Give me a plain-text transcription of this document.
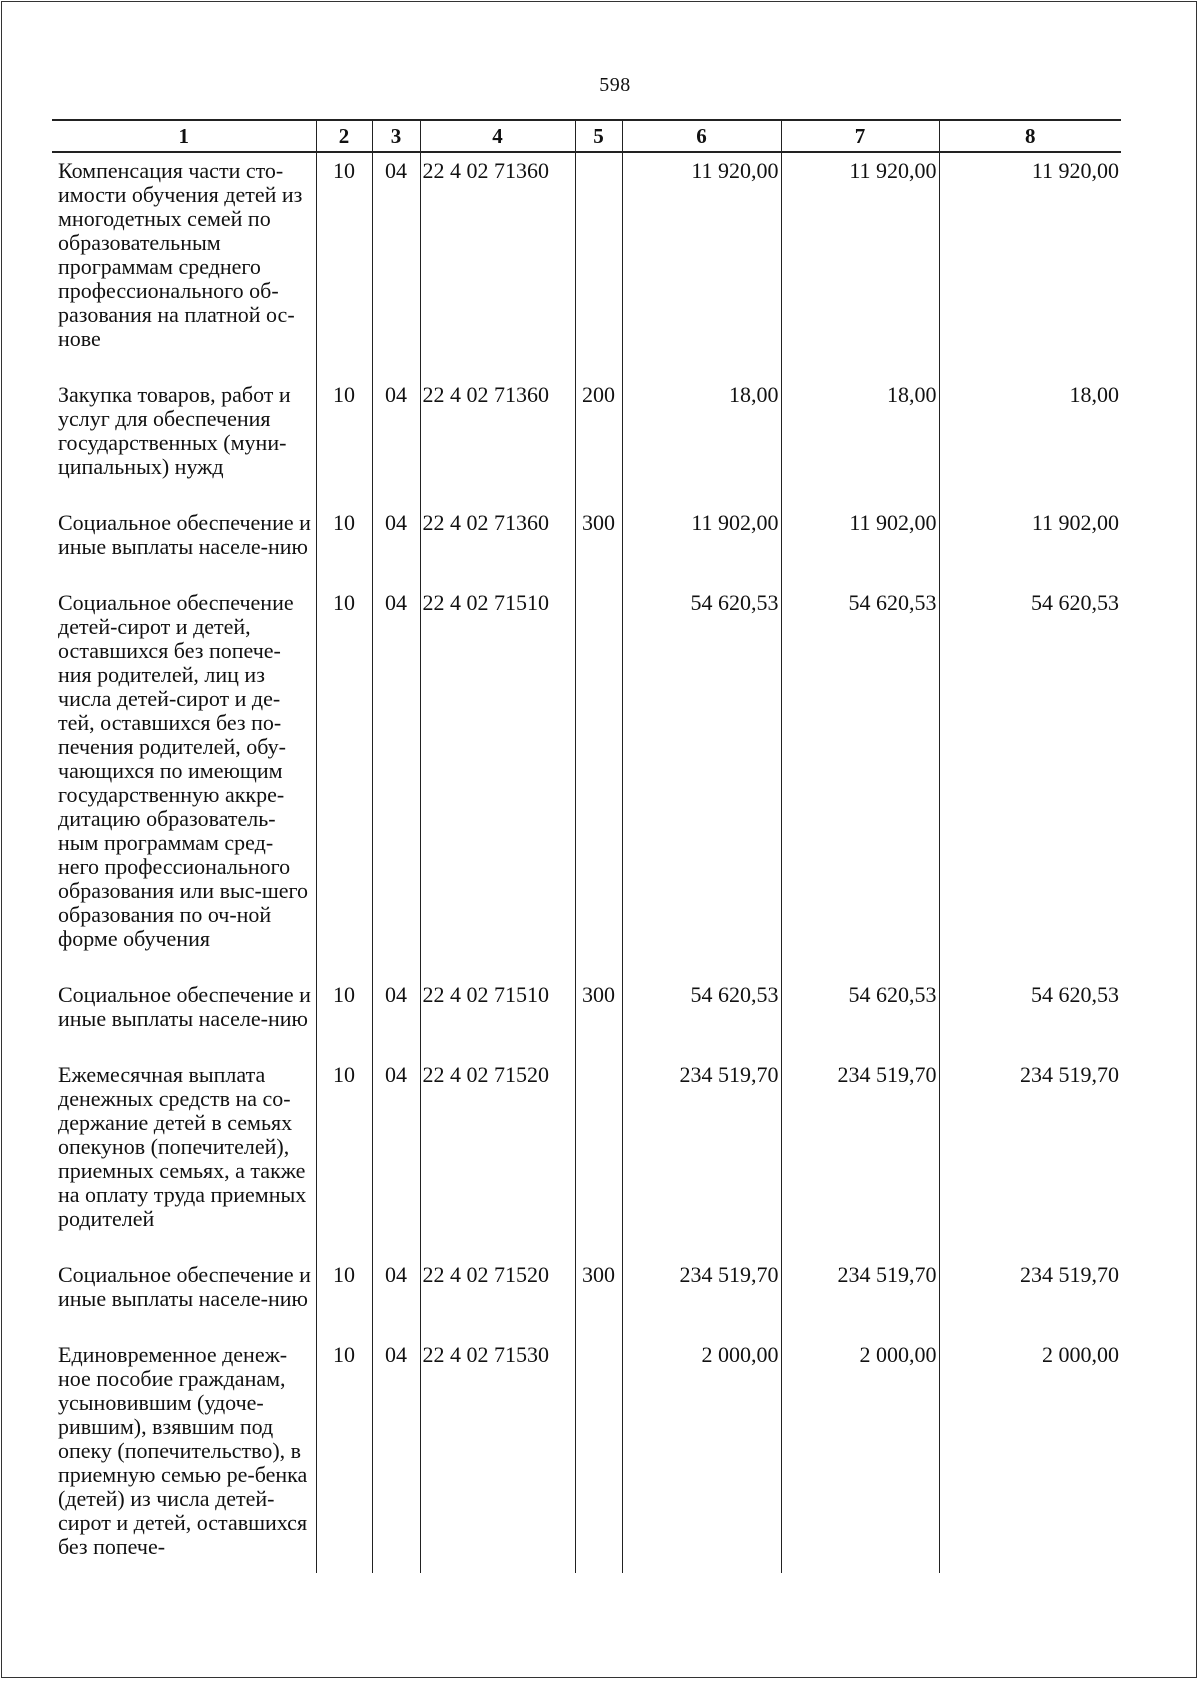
598
1	2	3	4	5	6	7	8
Компенсация части сто-имости обучения детей из многодетных семей по образовательным программам среднего профессионального об-разования на платной ос-нове	10	04	22 4 02 71360		11 920,00	11 920,00	11 920,00
Закупка товаров, работ и услуг для обеспечения государственных (муни-ципальных) нужд	10	04	22 4 02 71360	200	18,00	18,00	18,00
Социальное обеспечение и иные выплаты населе-нию	10	04	22 4 02 71360	300	11 902,00	11 902,00	11 902,00
Социальное обеспечение детей-сирот и детей, оставшихся без попече-ния родителей, лиц из числа детей-сирот и де-тей, оставшихся без по-печения родителей, обу-чающихся по имеющим государственную аккре-дитацию образователь-ным программам сред-него профессионального образования или выс-шего образования по оч-ной форме обучения	10	04	22 4 02 71510		54 620,53	54 620,53	54 620,53
Социальное обеспечение и иные выплаты населе-нию	10	04	22 4 02 71510	300	54 620,53	54 620,53	54 620,53
Ежемесячная выплата денежных средств на со-держание детей в семьях опекунов (попечителей), приемных семьях, а также на оплату труда приемных родителей	10	04	22 4 02 71520		234 519,70	234 519,70	234 519,70
Социальное обеспечение и иные выплаты населе-нию	10	04	22 4 02 71520	300	234 519,70	234 519,70	234 519,70
Единовременное денеж-ное пособие гражданам, усыновившим (удоче-рившим), взявшим под опеку (попечительство), в приемную семью ре-бенка (детей) из числа детей-сирот и детей, оставшихся без попече-	10	04	22 4 02 71530		2 000,00	2 000,00	2 000,00
